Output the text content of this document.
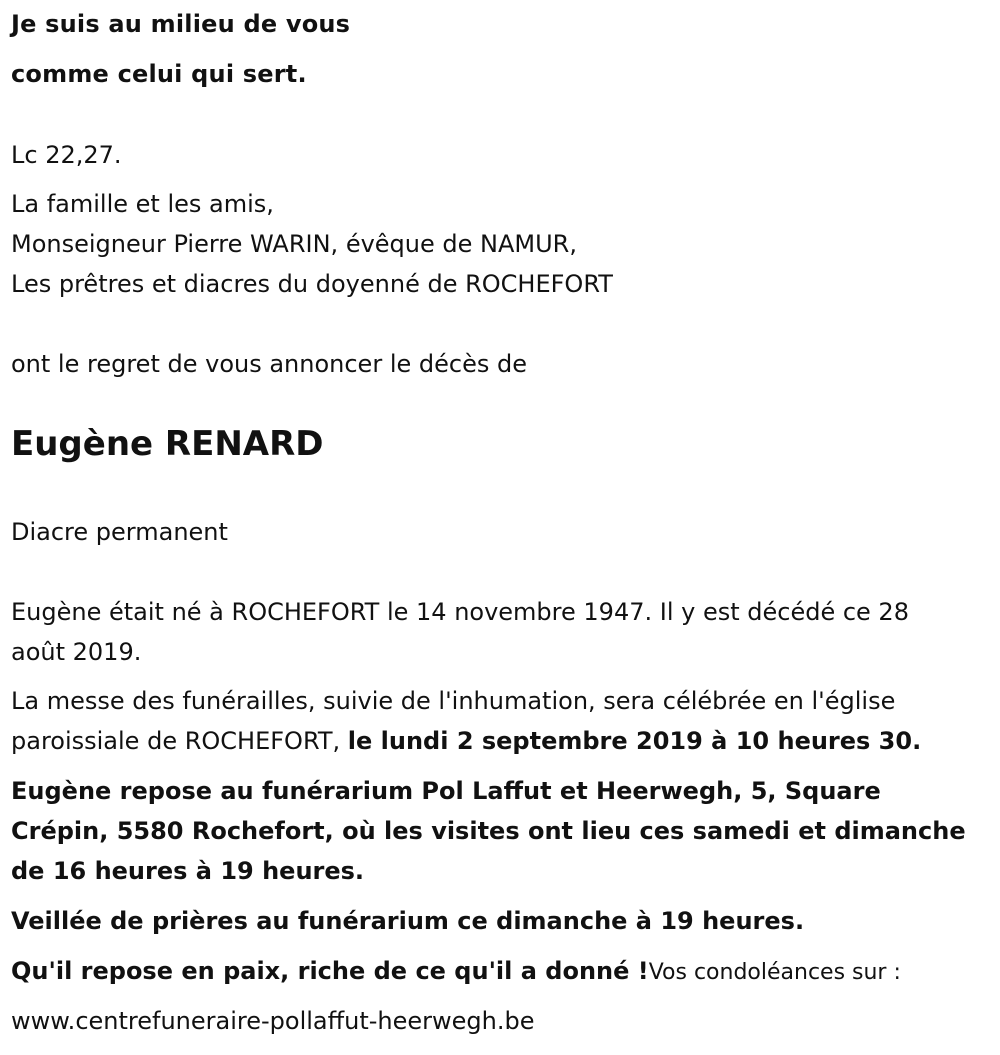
Je suis au milieu de vous

comme celui qui sert.

Lc 22,27.

La famille et les amis,

Monseigneur Pierre WARIN, évêque de NAMUR,

Les prêtres et diacres du doyenné de ROCHEFORT

ont le regret de vous annoncer le décès de

Eugène RENARD

Diacre permanent

Eugène était né à ROCHEFORT le 14 novembre 1947. Il y est décédé ce 28

août 2019.

La messe des funérailles, suivie de l'inhumation, sera célébrée en l'église

paroissiale de ROCHEFORT, le lundi 2 septembre 2019 à 10 heures 30.

Eugène repose au funérarium Pol Laffut et Heerwegh, 5, Square

Crépin, 5580 Rochefort, où les visites ont lieu ces samedi et dimanche

de 16 heures à 19 heures.

Veillée de prières au funérarium ce dimanche à 19 heures.

Qu'il repose en paix, riche de ce qu'il a donné !Vos condoléances sur :

www.centrefuneraire-pollaffut-heerwegh.be
